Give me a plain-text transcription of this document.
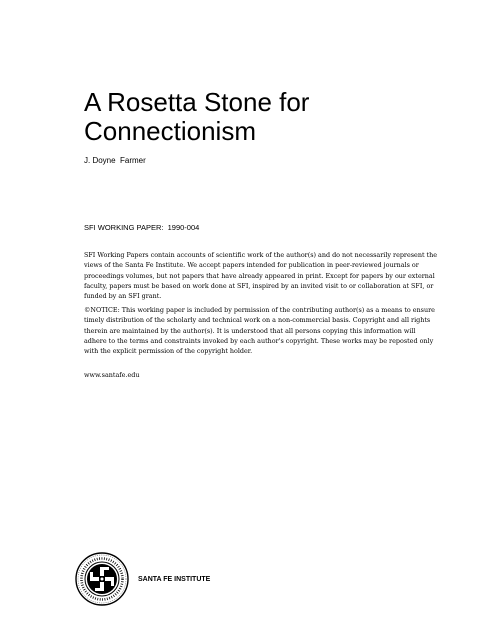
A Rosetta Stone for
Connectionism
J. Doyne  Farmer
SFI WORKING PAPER:  1990-004
SFI Working Papers contain accounts of scientific work of the author(s) and do not necessarily represent the
views of the Santa Fe Institute. We accept papers intended for publication in peer-reviewed journals or
proceedings volumes, but not papers that have already appeared in print. Except for papers by our external
faculty, papers must be based on work done at SFI, inspired by an invited visit to or collaboration at SFI, or
funded by an SFI grant.
©NOTICE: This working paper is included by permission of the contributing author(s) as a means to ensure
timely distribution of the scholarly and technical work on a non-commercial basis. Copyright and all rights
therein are maintained by the author(s). It is understood that all persons copying this information will
adhere to the terms and constraints invoked by each author's copyright. These works may be reposted only
with the explicit permission of the copyright holder.
www.santafe.edu
SANTA FE INSTITUTE
